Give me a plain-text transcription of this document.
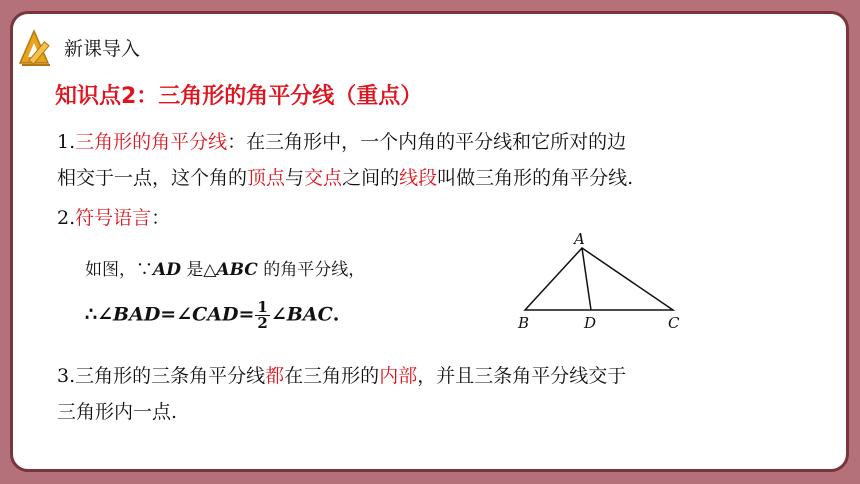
新课导入
知识点2：三角形的角平分线（重点）
1.三角形的角平分线：在三角形中，一个内角的平分线和它所对的边
相交于一点，这个角的顶点与交点之间的线段叫做三角形的角平分线.
2.符号语言：
如图，∵AD 是△ABC 的角平分线，
∴∠BAD=∠CAD= $\frac{1}{2}$ ∠BAC.
A
B	D	C
3.三角形的三条角平分线都在三角形的内部，并且三条角平分线交于
三角形内一点.
